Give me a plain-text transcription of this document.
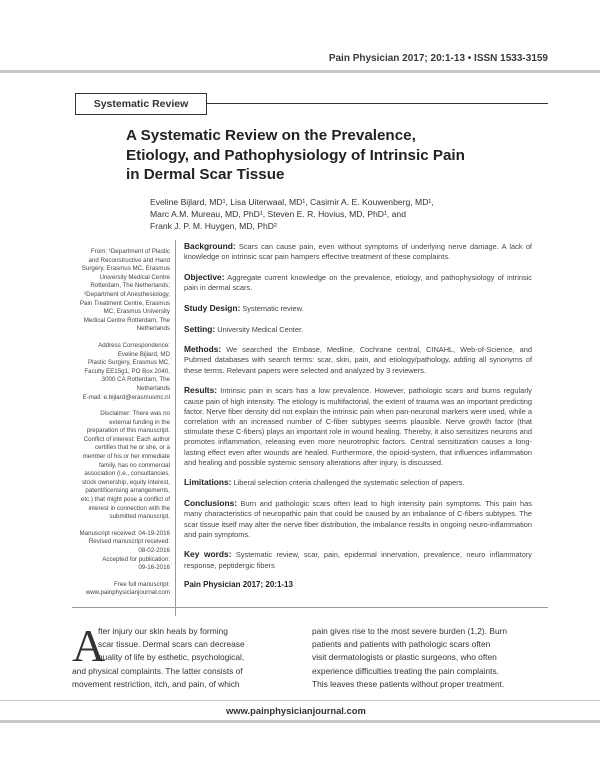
Pain Physician 2017; 20:1-13 • ISSN 1533-3159
Systematic Review
A Systematic Review on the Prevalence,
Etiology, and Pathophysiology of Intrinsic Pain
in Dermal Scar Tissue
Eveline Bijlard, MD¹, Lisa Uiterwaal, MD¹, Casimir A. E. Kouwenberg, MD¹,
Marc A.M. Mureau, MD, PhD¹, Steven E. R. Hovius, MD, PhD¹, and
Frank J. P. M. Huygen, MD, PhD²
From: ¹Department of Plastic
and Reconstructive and Hand
Surgery, Erasmus MC, Erasmus
University Medical Centre
Rotterdam, The Netherlands;
²Department of Anesthesiology,
Pain Treatment Centre, Erasmus
MC, Erasmus University
Medical Centre Rotterdam, The
Netherlands
Address Correspondence:
Eveline Bijlard, MD
Plastic Surgery, Erasmus MC,
Faculty EE15g1, PO Box 2040,
3000 CA Rotterdam, The
Netherlands
E-mail: e.bijlard@erasmusmc.nl
Disclaimer: There was no
external funding in the
preparation of this manuscript.
Conflict of interest: Each author
certifies that he or she, or a
member of his or her immediate
family, has no commercial
association (i.e., consultancies,
stock ownership, equity interest,
patent/licensing arrangements,
etc.) that might pose a conflict of
interest in connection with the
submitted manuscript.
Manuscript received: 04-19-2016
Revised manuscript received:
08-02-2016
Accepted for publication:
09-16-2016
Free full manuscript:
www.painphysicianjournal.com

Background: Scars can cause pain, even without symptoms of underlying nerve damage. A lack of knowledge on intrinsic scar pain hampers effective treatment of these complaints.

Objective: Aggregate current knowledge on the prevalence, etiology, and pathophysiology of intrinsic pain in dermal scars.

Study Design: Systematic review.

Setting: University Medical Center.

Methods: We searched the Embase, Medline, Cochrane central, CINAHL, Web-of-Science, and Pubmed databases with search terms: scar, skin, pain, and etiology/pathology, adding all synonyms of these terms. Relevant papers were selected and analyzed by 3 reviewers.

Results: Intrinsic pain in scars has a low prevalence. However, pathologic scars and burns regularly cause pain of high intensity. The etiology is multifactorial, the extent of trauma was an important predicting factor. Nerve fiber density did not explain the intrinsic pain when pan-neuronal markers were used, while a correlation with an increased number of C-fiber subtypes seems plausible. Nerve growth factor (that stimulate these C-fibers) plays an important role in wound healing. Thereby, it also sensitizes neurons and promotes inflammation, releasing even more neurotrophic factors. Central sensitization causes a long-lasting effect even after wounds are healed. Furthermore, the opioid-system, that influences inflammation and healing and possible systemic sensory alterations after injury, is discussed.

Limitations: Liberal selection criteria challenged the systematic selection of papers.

Conclusions: Burn and pathologic scars often lead to high intensity pain symptoms. This pain has many characteristics of neuropathic pain that could be caused by an imbalance of C-fibers subtypes. The scar tissue itself may alter the nerve fiber distribution, the imbalance results in ongoing neuro-inflammation and pain symptoms.

Key words: Systematic review, scar, pain, epidermal innervation, prevalence, neuro inflammatory response, peptidergic fibers

Pain Physician 2017; 20:1-13

A
fter injury our skin heals by forming
scar tissue. Dermal scars can decrease
quality of life by esthetic, psychological,
and physical complaints. The latter consists of
movement restriction, itch, and pain, of which
pain gives rise to the most severe burden (1,2). Burn
patients and patients with pathologic scars often
visit dermatologists or plastic surgeons, who often
experience difficulties treating the pain complaints.
This leaves these patients without proper treatment.
www.painphysicianjournal.com
